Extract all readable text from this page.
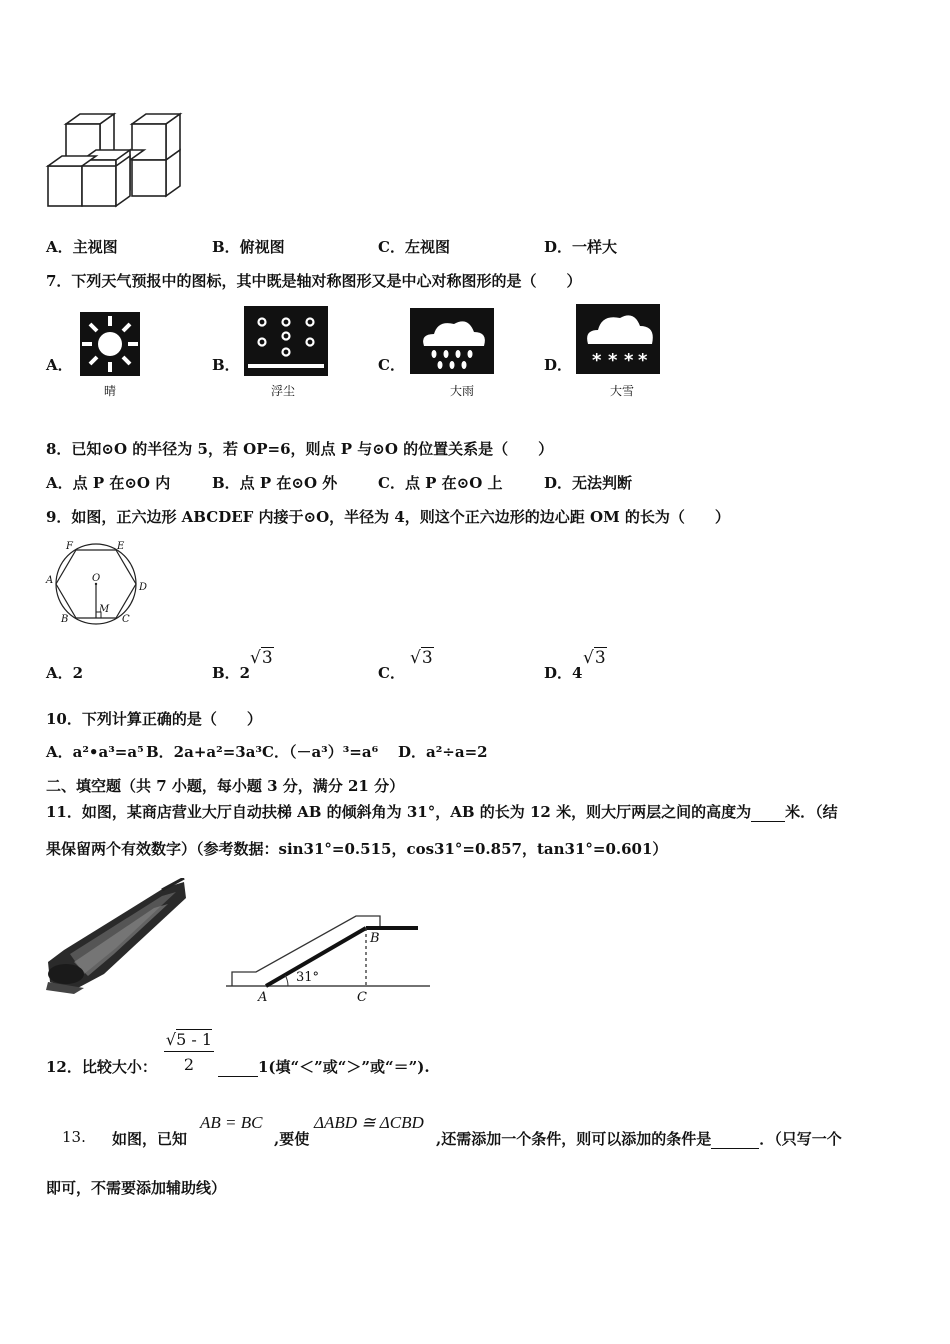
A．主视图	B．俯视图	C．左视图	D．一样大
7．下列天气预报中的图标，其中既是轴对称图形又是中心对称图形的是（　　）
A．
晴
B．
浮尘
C．
大雨
D． * * * *
大雪
8．已知⊙O 的半径为 5，若 OP=6，则点 P 与⊙O 的位置关系是（　　）
A．点 P 在⊙O 内	B．点 P 在⊙O 外	C．点 P 在⊙O 上	D．无法判断
9．如图，正六边形 ABCDEF 内接于⊙O，半径为 4，则这个正六边形的边心距 OM 的长为（　　）
F	E
A	O
D
M
B	C
A．2	B．2
√3
C．
√3
D．4
√3
10．下列计算正确的是（　　）
A．a²•a³=a⁵ B．2a+a²=3a³ C．（－a³）³=a⁶ D．a²÷a=2
二、填空题（共 7 小题，每小题 3 分，满分 21 分）
11．如图，某商店营业大厅自动扶梯 AB 的倾斜角为 31°，AB 的长为 12 米，则大厅两层之间的高度为 米．（结
果保留两个有效数字）（参考数据：sin31°=0.515，cos31°=0.857，tan31°=0.601）
B
31°
A	C
12．比较大小： $\frac{√5 - 1}{2}$	1(填“＜”或“＞”或“＝”).
13. 如图，已知
AB = BC
,要使
ΔABD ≅ ΔCBD
,还需添加一个条件，则可以添加的条件是	．（只写一个
即可，不需要添加辅助线）
